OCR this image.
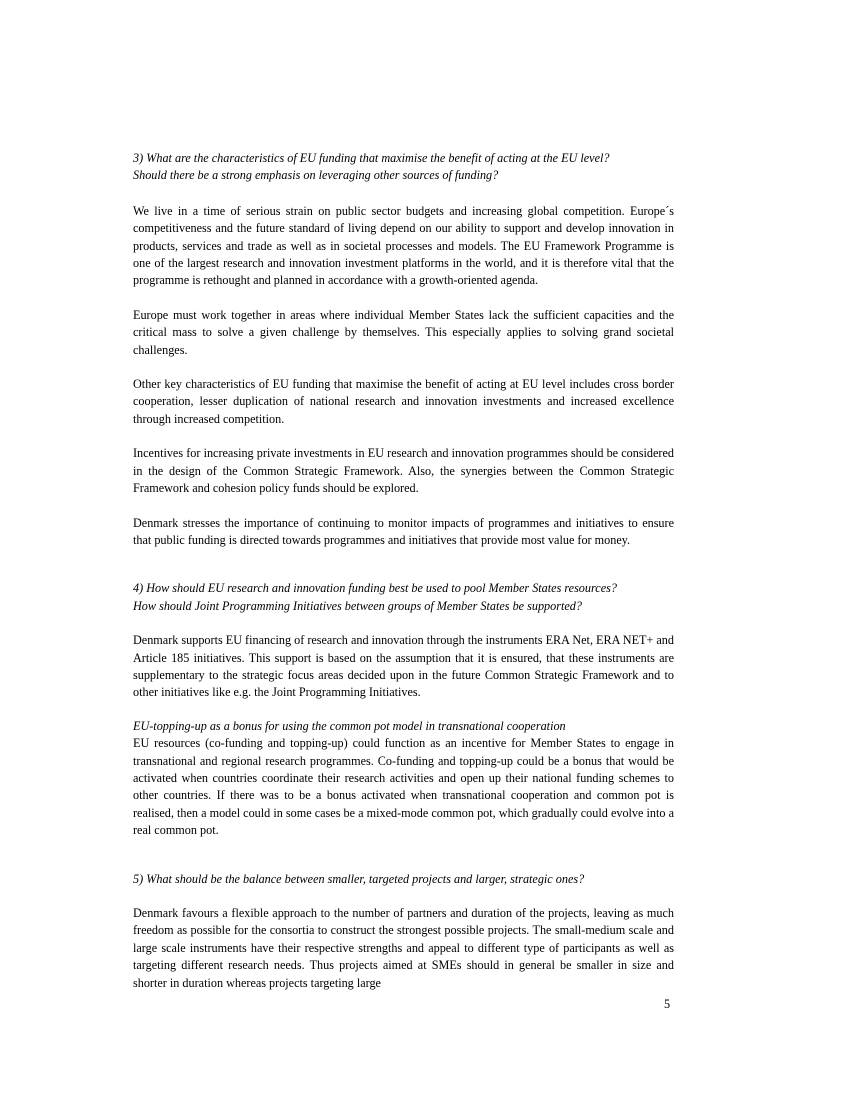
3) What are the characteristics of EU funding that maximise the benefit of acting at the EU level?
Should there be a strong emphasis on leveraging other sources of funding?

We live in a time of serious strain on public sector budgets and increasing global competition. Europe´s competitiveness and the future standard of living depend on our ability to support and develop innovation in products, services and trade as well as in societal processes and models. The EU Framework Programme is one of the largest research and innovation investment platforms in the world, and it is therefore vital that the programme is rethought and planned in accordance with a growth-oriented agenda.

Europe must work together in areas where individual Member States lack the sufficient capacities and the critical mass to solve a given challenge by themselves. This especially applies to solving grand societal challenges.

Other key characteristics of EU funding that maximise the benefit of acting at EU level includes cross border cooperation, lesser duplication of national research and innovation investments and increased excellence through increased competition.

Incentives for increasing private investments in EU research and innovation programmes should be considered in the design of the Common Strategic Framework. Also, the synergies between the Common Strategic Framework and cohesion policy funds should be explored.

Denmark stresses the importance of continuing to monitor impacts of programmes and initiatives to ensure that public funding is directed towards programmes and initiatives that provide most value for money.

4) How should EU research and innovation funding best be used to pool Member States resources?
How should Joint Programming Initiatives between groups of Member States be supported?

Denmark supports EU financing of research and innovation through the instruments ERA Net, ERA NET+ and Article 185 initiatives. This support is based on the assumption that it is ensured, that these instruments are supplementary to the strategic focus areas decided upon in the future Common Strategic Framework and to other initiatives like e.g. the Joint Programming Initiatives.

EU-topping-up as a bonus for using the common pot model in transnational cooperation

EU resources (co-funding and topping-up) could function as an incentive for Member States to engage in transnational and regional research programmes. Co-funding and topping-up could be a bonus that would be activated when countries coordinate their research activities and open up their national funding schemes to other countries. If there was to be a bonus activated when transnational cooperation and common pot is realised, then a model could in some cases be a mixed-mode common pot, which gradually could evolve into a real common pot.

5) What should be the balance between smaller, targeted projects and larger, strategic ones?

Denmark favours a flexible approach to the number of partners and duration of the projects, leaving as much freedom as possible for the consortia to construct the strongest possible projects. The small-medium scale and large scale instruments have their respective strengths and appeal to different type of participants as well as targeting different research needs. Thus projects aimed at SMEs should in general be smaller in size and shorter in duration whereas projects targeting large

5
